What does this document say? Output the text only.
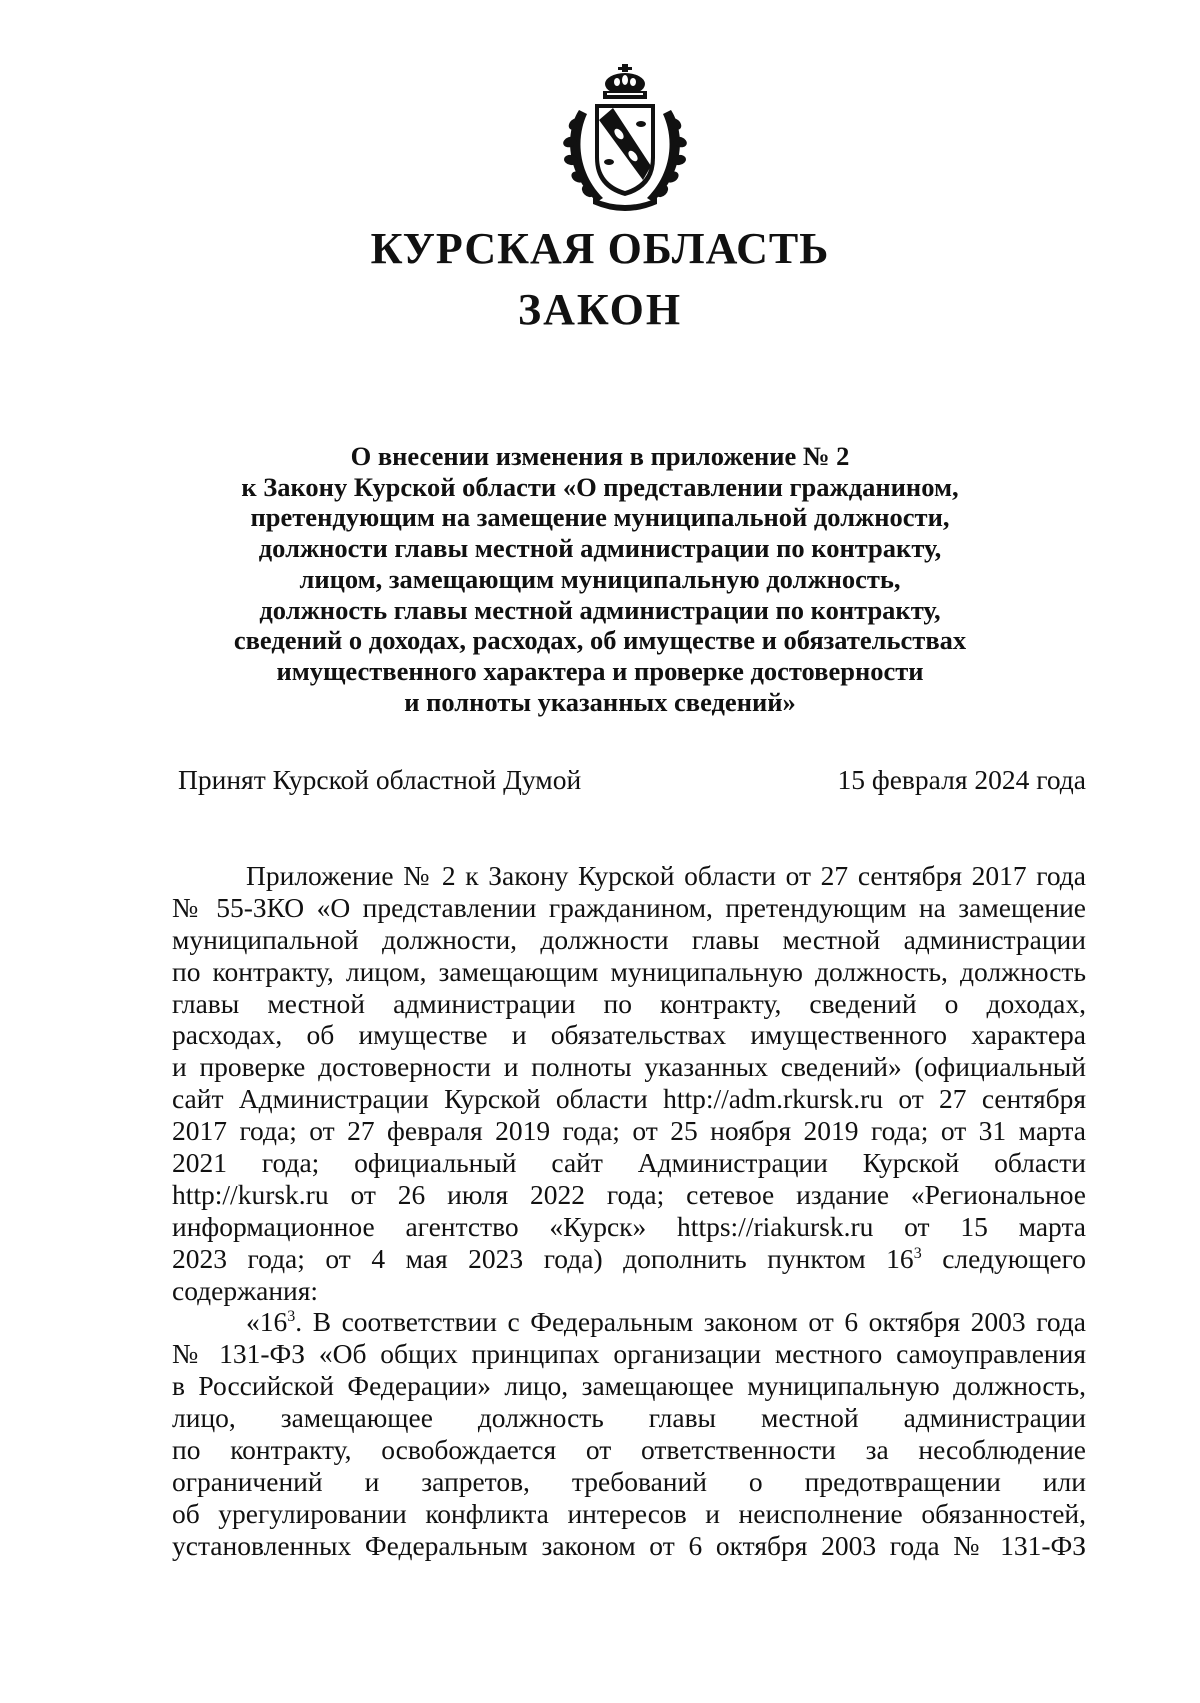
КУРСКАЯ ОБЛАСТЬ
ЗАКОН
О внесении изменения в приложение № 2
к Закону Курской области «О представлении гражданином,
претендующим на замещение муниципальной должности,
должности главы местной администрации по контракту,
лицом, замещающим муниципальную должность,
должность главы местной администрации по контракту,
сведений о доходах, расходах, об имуществе и обязательствах
имущественного характера и проверке достоверности
и полноты указанных сведений»
Принят Курской областной Думой	15 февраля 2024 года
Приложение № 2 к Закону Курской области от 27 сентября 2017 года
№ 55-ЗКО «О представлении гражданином, претендующим на замещение
муниципальной должности, должности главы местной администрации
по контракту, лицом, замещающим муниципальную должность, должность
главы местной администрации по контракту, сведений о доходах,
расходах, об имуществе и обязательствах имущественного характера
и проверке достоверности и полноты указанных сведений» (официальный
сайт Администрации Курской области http://adm.rkursk.ru от 27 сентября
2017 года; от 27 февраля 2019 года; от 25 ноября 2019 года; от 31 марта
2021 года; официальный сайт Администрации Курской области
http://kursk.ru от 26 июля 2022 года; сетевое издание «Региональное
информационное агентство «Курск» https://riakursk.ru от 15 марта
2023 года; от 4 мая 2023 года) дополнить пунктом $16^3$ следующего
содержания:
«$16^3$. В соответствии с Федеральным законом от 6 октября 2003 года
№ 131-ФЗ «Об общих принципах организации местного самоуправления
в Российской Федерации» лицо, замещающее муниципальную должность,
лицо, замещающее должность главы местной администрации
по контракту, освобождается от ответственности за несоблюдение
ограничений и запретов, требований о предотвращении или
об урегулировании конфликта интересов и неисполнение обязанностей,
установленных Федеральным законом от 6 октября 2003 года № 131-ФЗ
